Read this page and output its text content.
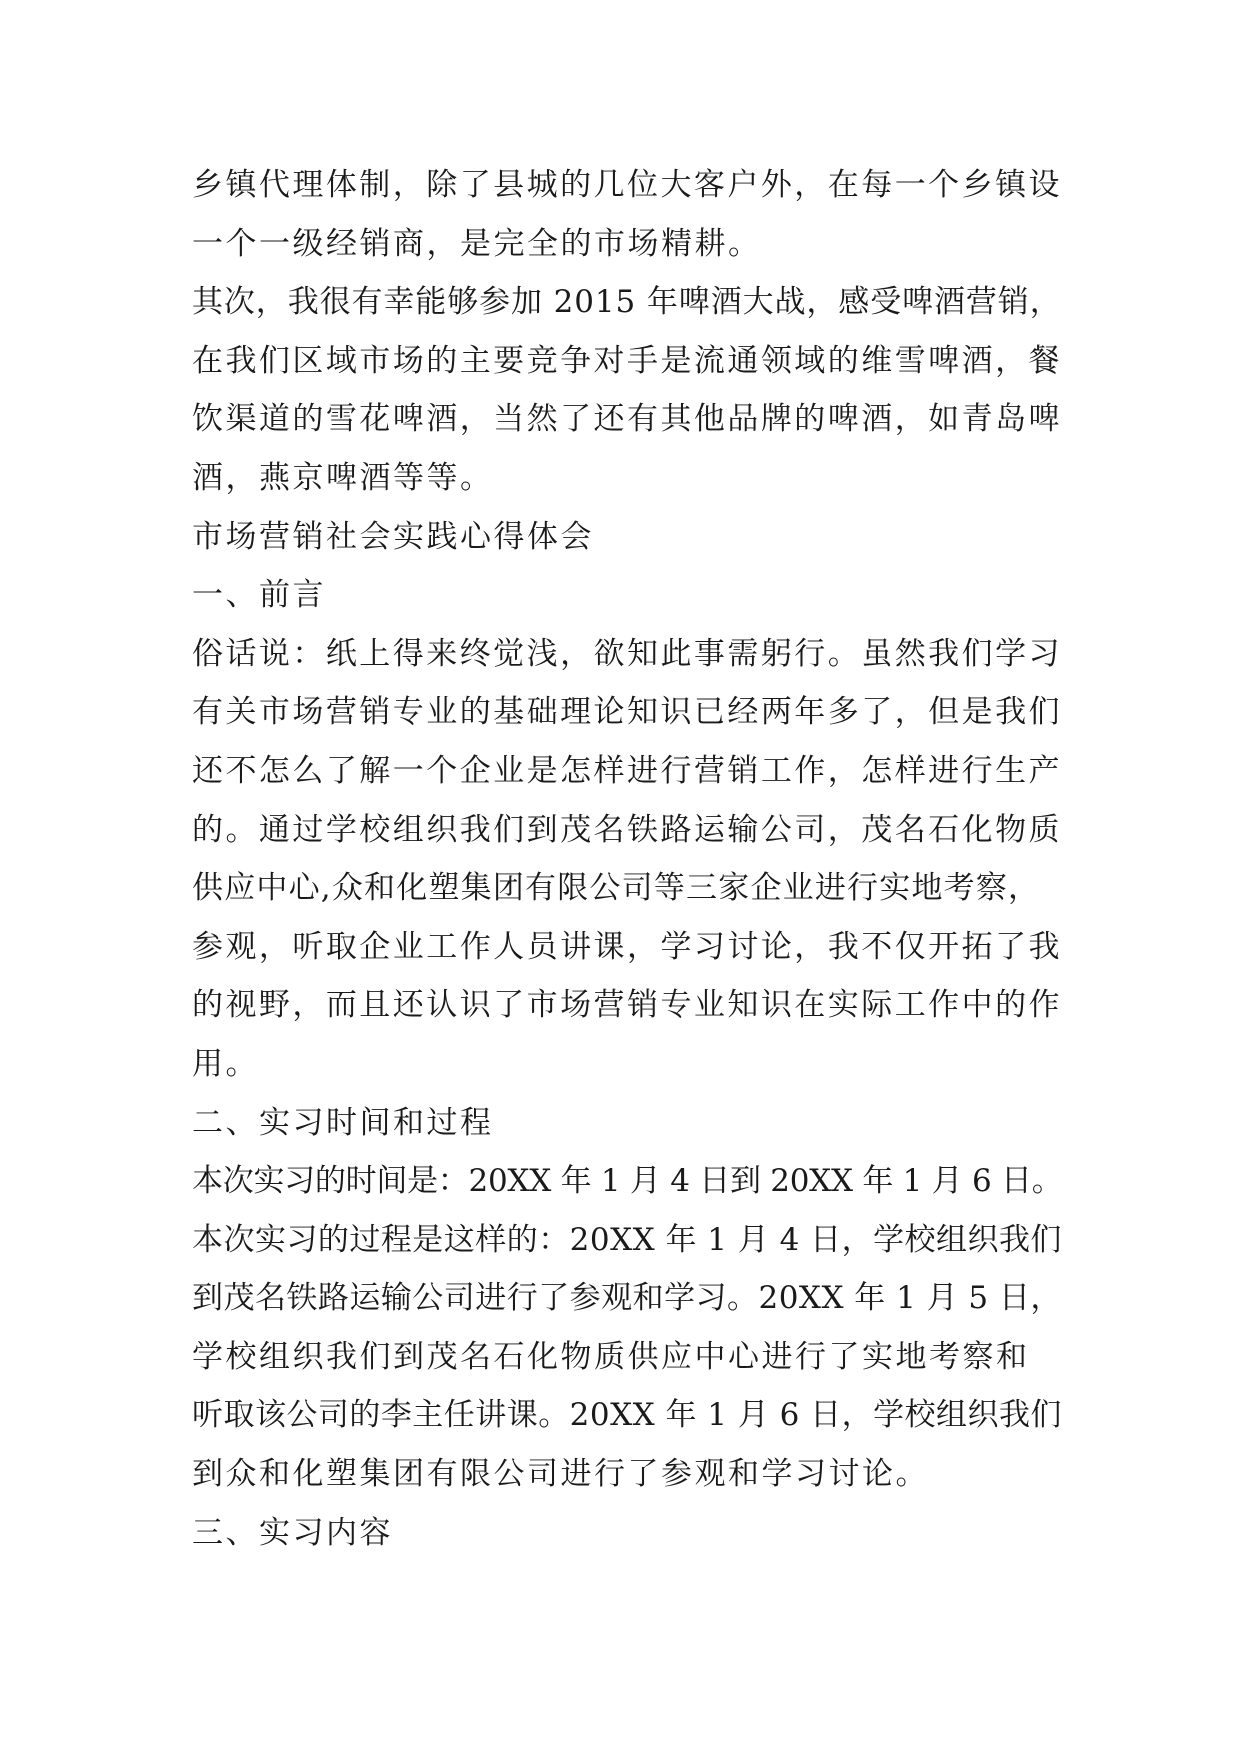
乡镇代理体制，除了县城的几位大客户外，在每一个乡镇设
一个一级经销商，是完全的市场精耕。
其次，我很有幸能够参加 2015 年啤酒大战，感受啤酒营销，
在我们区域市场的主要竞争对手是流通领域的维雪啤酒，餐
饮渠道的雪花啤酒，当然了还有其他品牌的啤酒，如青岛啤
酒，燕京啤酒等等。
市场营销社会实践心得体会
一、前言
俗话说：纸上得来终觉浅，欲知此事需躬行。虽然我们学习
有关市场营销专业的基础理论知识已经两年多了，但是我们
还不怎么了解一个企业是怎样进行营销工作，怎样进行生产
的。通过学校组织我们到茂名铁路运输公司，茂名石化物质
供应中心,众和化塑集团有限公司等三家企业进行实地考察，
参观，听取企业工作人员讲课，学习讨论，我不仅开拓了我
的视野，而且还认识了市场营销专业知识在实际工作中的作
用。
二、实习时间和过程
本次实习的时间是：20XX 年 1 月 4 日到 20XX 年 1 月 6 日。
本次实习的过程是这样的：20XX 年 1 月 4 日，学校组织我们
到茂名铁路运输公司进行了参观和学习。20XX 年 1 月 5 日，
学校组织我们到茂名石化物质供应中心进行了实地考察和
听取该公司的李主任讲课。20XX 年 1 月 6 日，学校组织我们
到众和化塑集团有限公司进行了参观和学习讨论。
三、实习内容
